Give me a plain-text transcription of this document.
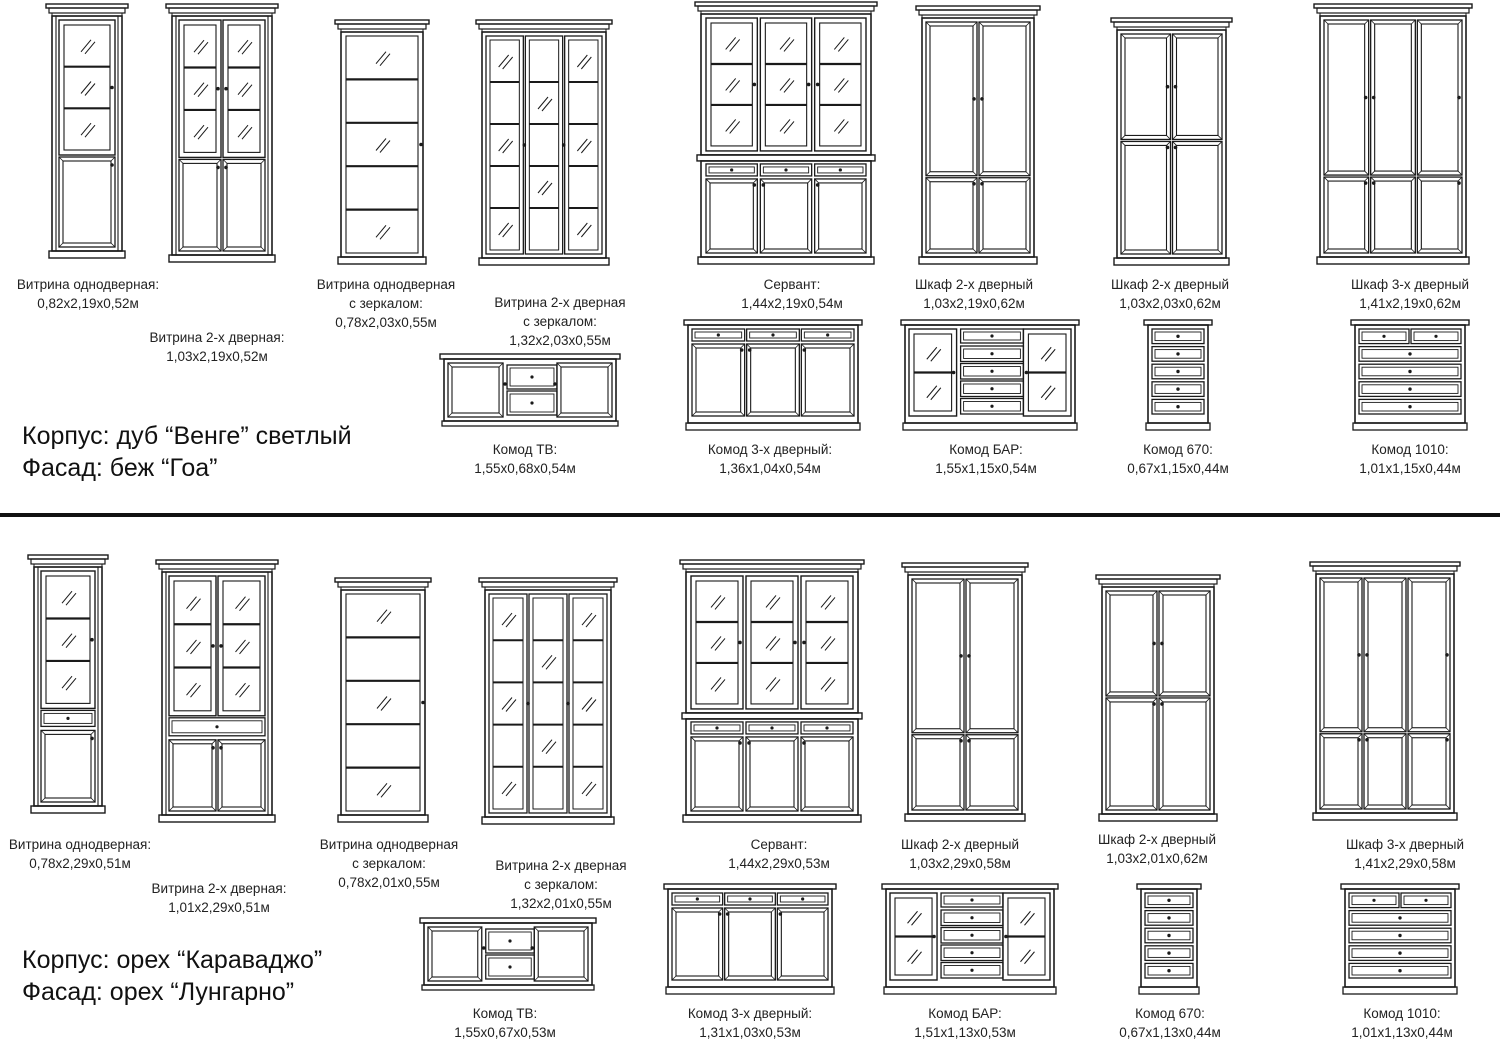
Корпус: дуб “Венге” светлый
Фасад: беж “Гоа”
Корпус: орех “Караваджо”
Фасад: орех “Лунгарно”
Витрина однодверная:
0,82х2,19х0,52м
Витрина 2-х дверная:
1,03х2,19х0,52м
Витрина однодверная
с зеркалом:
0,78х2,03х0,55м
Витрина 2-х дверная
с зеркалом:
1,32х2,03х0,55м
Сервант:
1,44х2,19х0,54м
Шкаф 2-х дверный
1,03х2,19х0,62м
Шкаф 2-х дверный
1,03х2,03х0,62м
Шкаф 3-х дверный
1,41х2,19х0,62м
Комод ТВ:
1,55х0,68х0,54м
Комод 3-х дверный:
1,36х1,04х0,54м
Комод БАР:
1,55х1,15х0,54м
Комод 670:
0,67х1,15х0,44м
Комод 1010:
1,01х1,15х0,44м
Витрина однодверная:
0,78х2,29х0,51м
Витрина 2-х дверная:
1,01х2,29х0,51м
Витрина однодверная
с зеркалом:
0,78х2,01х0,55м
Витрина 2-х дверная
с зеркалом:
1,32х2,01х0,55м
Сервант:
1,44х2,29х0,53м
Шкаф 2-х дверный
1,03х2,29х0,58м
Шкаф 2-х дверный
1,03х2,01х0,62м
Шкаф 3-х дверный
1,41х2,29х0,58м
Комод ТВ:
1,55х0,67х0,53м
Комод 3-х дверный:
1,31х1,03х0,53м
Комод БАР:
1,51х1,13х0,53м
Комод 670:
0,67х1,13х0,44м
Комод 1010:
1,01х1,13х0,44м
